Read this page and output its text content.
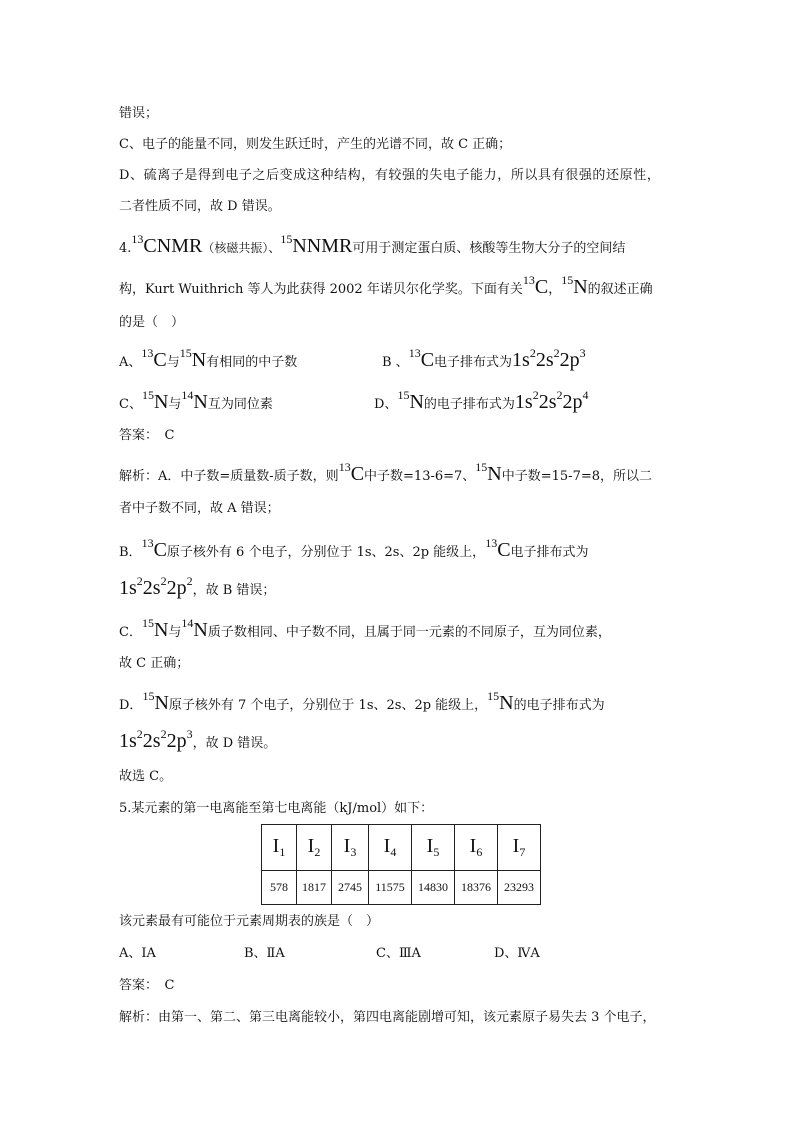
错误；
C、电子的能量不同，则发生跃迁时，产生的光谱不同，故 C 正确；
D、硫离子是得到电子之后变成这种结构，有较强的失电子能力，所以具有很强的还原性，
二者性质不同，故 D 错误。
4.13CNMR（核磁共振）、$^{15}$NNMR可用于测定蛋白质、核酸等生物大分子的空间结
构，Kurt Wuithrich 等人为此获得 2002 年诺贝尔化学奖。下面有关$^{13}$C，$^{15}$N的叙述正确
的是（　）
A、$^{13}$C与$^{15}$N有相同的中子数	B 、$^{13}$C电子排布式为$1s^22s^22p^3$
C、$^{15}$N与$^{14}$N互为同位素	D、$^{15}$N的电子排布式为$1s^22s^22p^4$
答案：　C
解析：A．中子数=质量数-质子数，则$^{13}$C中子数=13-6=7、$^{15}$N中子数=15-7=8，所以二
者中子数不同，故 A 错误；
B．$^{13}$C原子核外有 6 个电子，分别位于 1s、2s、2p 能级上，$^{13}$C电子排布式为
$1s^22s^22p^2$，故 B 错误；
C．$^{15}$N与$^{14}$N质子数相同、中子数不同，且属于同一元素的不同原子，互为同位素，
故 C 正确；
D．$^{15}$N原子核外有 7 个电子，分别位于 1s、2s、2p 能级上，$^{15}$N的电子排布式为
$1s^22s^22p^3$，故 D 错误。
故选 C。
5.某元素的第一电离能至第七电离能（kJ/mol）如下：
$I_1$	$I_2$	$I_3$	$I_4$	$I_5$	$I_6$	$I_7$
578	1817	2745	11575	14830	18376	23293
该元素最有可能位于元素周期表的族是（　）
A、ⅠA	B、ⅡA	C、ⅢA	D、ⅣA
答案：　C
解析：由第一、第二、第三电离能较小，第四电离能剧增可知，该元素原子易失去 3 个电子，
